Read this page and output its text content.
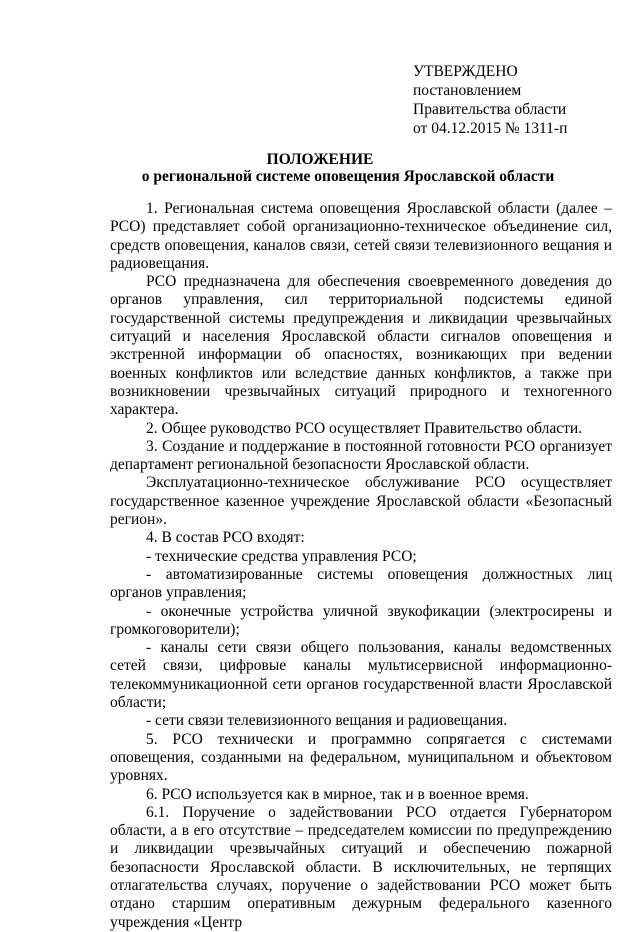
УТВЕРЖДЕНО
постановлением
Правительства области
от 04.12.2015 № 1311-п
ПОЛОЖЕНИЕ
о региональной системе оповещения Ярославской области

1. Региональная система оповещения Ярославской области (далее – РСО) представляет собой организационно-техническое объединение сил, средств оповещения, каналов связи, сетей связи телевизионного вещания и радиовещания.

РСО предназначена для обеспечения своевременного доведения до органов управления, сил территориальной подсистемы единой государственной системы предупреждения и ликвидации чрезвычайных ситуаций и населения Ярославской области сигналов оповещения и экстренной информации об опасностях, возникающих при ведении военных конфликтов или вследствие данных конфликтов, а также при возникновении чрезвычайных ситуаций природного и техногенного характера.

2. Общее руководство РСО осуществляет Правительство области.

3. Создание и поддержание в постоянной готовности РСО организует департамент региональной безопасности Ярославской области.

Эксплуатационно-техническое обслуживание РСО осуществляет государственное казенное учреждение Ярославской области «Безопасный регион».

4. В состав РСО входят:

- технические средства управления РСО;

- автоматизированные системы оповещения должностных лиц органов управления;

- оконечные устройства уличной звукофикации (электросирены и громкоговорители);

- каналы сети связи общего пользования, каналы ведомственных сетей связи, цифровые каналы мультисервисной информационно-телекоммуникационной сети органов государственной власти Ярославской области;

- сети связи телевизионного вещания и радиовещания.

5. РСО технически и программно сопрягается с системами оповещения, созданными на федеральном, муниципальном и объектовом уровнях.

6. РСО используется как в мирное, так и в военное время.

6.1. Поручение о задействовании РСО отдается Губернатором области, а в его отсутствие – председателем комиссии по предупреждению и ликвидации чрезвычайных ситуаций и обеспечению пожарной безопасности Ярославской области. В исключительных, не терпящих отлагательства случаях, поручение о задействовании РСО может быть отдано старшим оперативным дежурным федерального казенного учреждения «Центр
